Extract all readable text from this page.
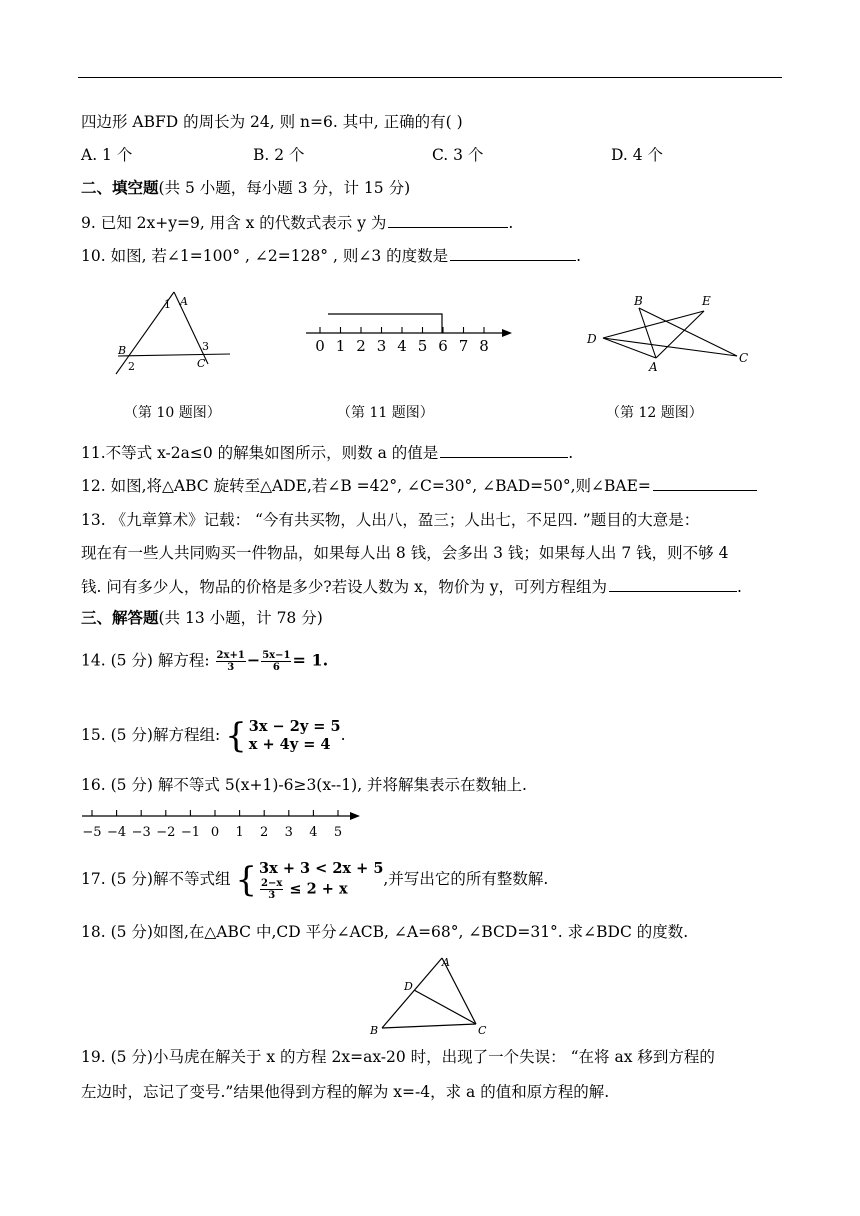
四边形 ABFD 的周长为 24, 则 n=6. 其中, 正确的有( )
A. 1 个	B. 2 个	C. 3 个	D. 4 个
二、填空题(共 5 小题，每小题 3 分，计 15 分)
9. 已知 2x+y=9, 用含 x 的代数式表示 y 为	.
10. 如图, 若∠1=100° , ∠2=128° , 则∠3 的度数是	.
1 A
B
2
3
C
（第 10 题图）
0 1 2 3 4 5 6 7 8
（第 11 题图）
B	E
D
A
C
（第 12 题图）
11.不等式 x-2a≤0 的解集如图所示，则数 a 的值是	.
12. 如图,将△ABC 旋转至△ADE,若∠B =42°, ∠C=30°, ∠BAD=50°,则∠BAE=
13. 《九章算术》记载： “今有共买物，人出八，盈三；人出七，不足四. ”题目的大意是：
现在有一些人共同购买一件物品，如果每人出 8 钱，会多出 3 钱；如果每人出 7 钱，则不够 4
钱. 问有多少人，物品的价格是多少?若设人数为 x，物价为 y，可列方程组为	.
三、解答题(共 13 小题，计 78 分)
14. (5 分) 解方程: $\frac{2x+1}{3} - \frac{5x-1}{6} = 1$.
15. (5 分)解方程组: { 3x − 2y = 5
x + 4y = 4
.
16. (5 分) 解不等式 5(x+1)-6≥3(x--1), 并将解集表示在数轴上.
−5 −4 −3 −2 −1 0 1 2 3 4 5
17. (5 分)解不等式组 { 3x + 3 < 2x + 5
$\frac{2-x}{3} \le 2 + x$
,并写出它的所有整数解.
18. (5 分)如图,在△ABC 中,CD 平分∠ACB, ∠A=68°, ∠BCD=31°. 求∠BDC 的度数.
A
D
B	C
19. (5 分)小马虎在解关于 x 的方程 2x=ax-20 时，出现了一个失误： “在将 ax 移到方程的
左边时，忘记了变号.”结果他得到方程的解为 x=-4，求 a 的值和原方程的解.
